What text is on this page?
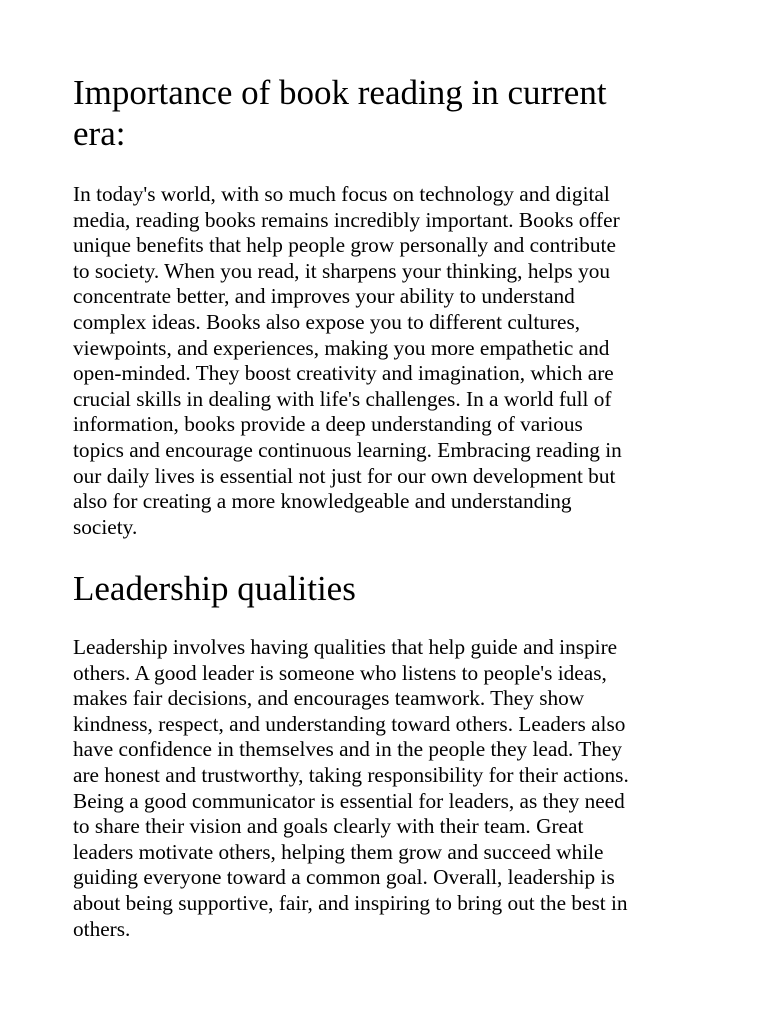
Importance of book reading in current
era:

In today's world, with so much focus on technology and digital
media, reading books remains incredibly important. Books offer
unique benefits that help people grow personally and contribute
to society. When you read, it sharpens your thinking, helps you
concentrate better, and improves your ability to understand
complex ideas. Books also expose you to different cultures,
viewpoints, and experiences, making you more empathetic and
open-minded. They boost creativity and imagination, which are
crucial skills in dealing with life's challenges. In a world full of
information, books provide a deep understanding of various
topics and encourage continuous learning. Embracing reading in
our daily lives is essential not just for our own development but
also for creating a more knowledgeable and understanding
society.

Leadership qualities

Leadership involves having qualities that help guide and inspire
others. A good leader is someone who listens to people's ideas,
makes fair decisions, and encourages teamwork. They show
kindness, respect, and understanding toward others. Leaders also
have confidence in themselves and in the people they lead. They
are honest and trustworthy, taking responsibility for their actions.
Being a good communicator is essential for leaders, as they need
to share their vision and goals clearly with their team. Great
leaders motivate others, helping them grow and succeed while
guiding everyone toward a common goal. Overall, leadership is
about being supportive, fair, and inspiring to bring out the best in
others.
